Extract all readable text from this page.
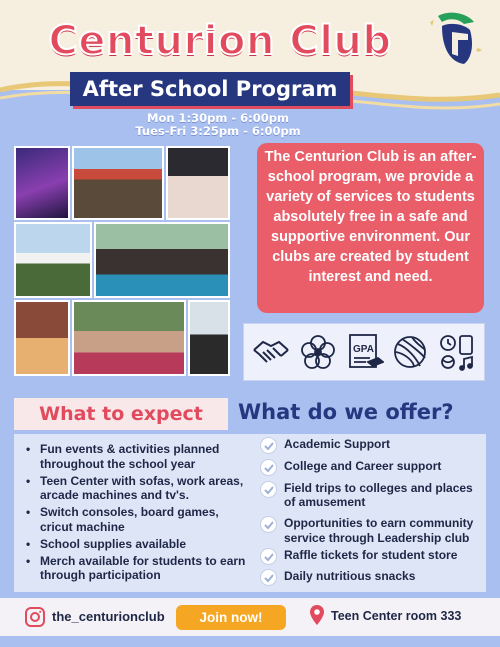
Centurion Club
After School Program
Mon 1:30pm - 6:00pm
Tues-Fri 3:25pm - 6:00pm
The Centurion Club is an after-school program, we provide a variety of services to students absolutely free in a safe and supportive environment. Our clubs are created by student interest and need.
GPA
What to expect	What do we offer?
• Fun events & activities planned throughout the school year
• Teen Center with sofas, work areas, arcade machines and tv's.
• Switch consoles, board games, cricut machine
• School supplies available
• Merch available for students to earn through participation
Academic Support
College and Career support
Field trips to colleges and places of amusement
Opportunities to earn community service through Leadership club
Raffle tickets for student store
Daily nutritious snacks
the_centurionclub	Join now!	Teen Center room 333
